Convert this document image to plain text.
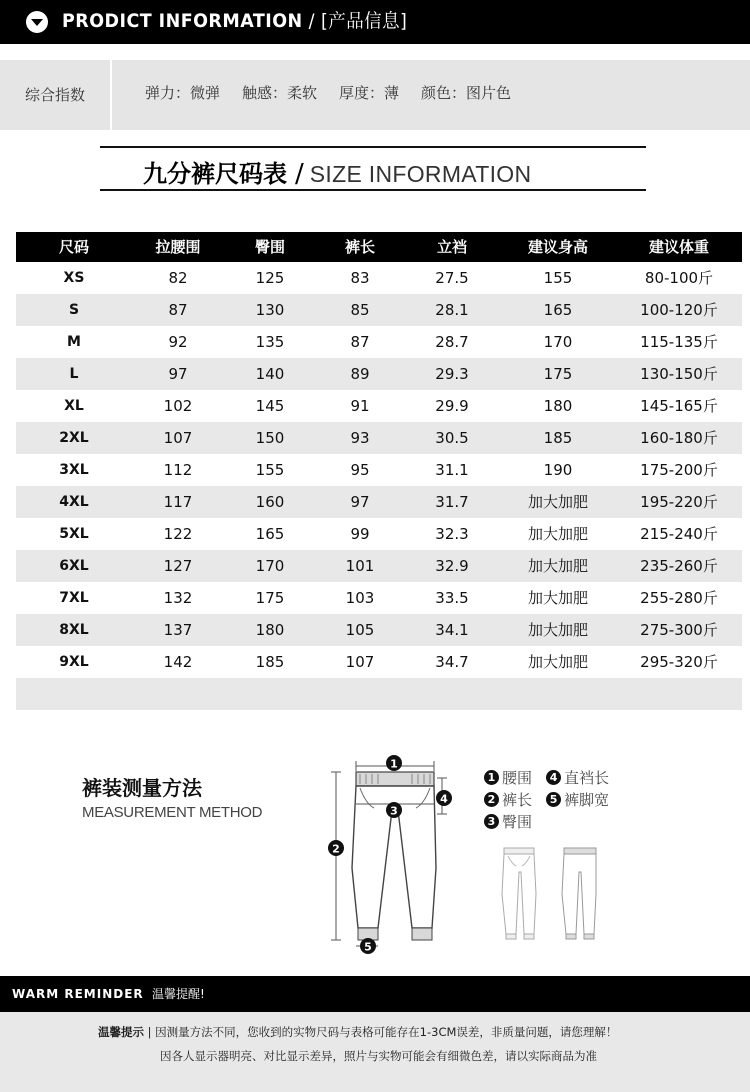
PRODICT INFORMATION / [产品信息]
综合指数	弹力：微弹 触感：柔软 厚度：薄 颜色：图片色
九分裤尺码表 / SIZE INFORMATION
尺码	拉腰围	臀围	裤长	立裆	建议身高	建议体重
XS	82	125	83	27.5	155	80-100斤
S	87	130	85	28.1	165	100-120斤
M	92	135	87	28.7	170	115-135斤
L	97	140	89	29.3	175	130-150斤
XL	102	145	91	29.9	180	145-165斤
2XL	107	150	93	30.5	185	160-180斤
3XL	112	155	95	31.1	190	175-200斤
4XL	117	160	97	31.7	加大加肥	195-220斤
5XL	122	165	99	32.3	加大加肥	215-240斤
6XL	127	170	101	32.9	加大加肥	235-260斤
7XL	132	175	103	33.5	加大加肥	255-280斤
8XL	137	180	105	34.1	加大加肥	275-300斤
9XL	142	185	107	34.7	加大加肥	295-320斤
裤装测量方法
MEASUREMENT METHOD
1
2
3
4
5
1 腰围	4 直裆长
2 裤长	5 裤脚宽
3 臀围
WARM REMINDER 温馨提醒!
温馨提示 | 因测量方法不同，您收到的实物尺码与表格可能存在1-3CM误差，非质量问题，请您理解！
因各人显示器明亮、对比显示差异，照片与实物可能会有细微色差，请以实际商品为准
